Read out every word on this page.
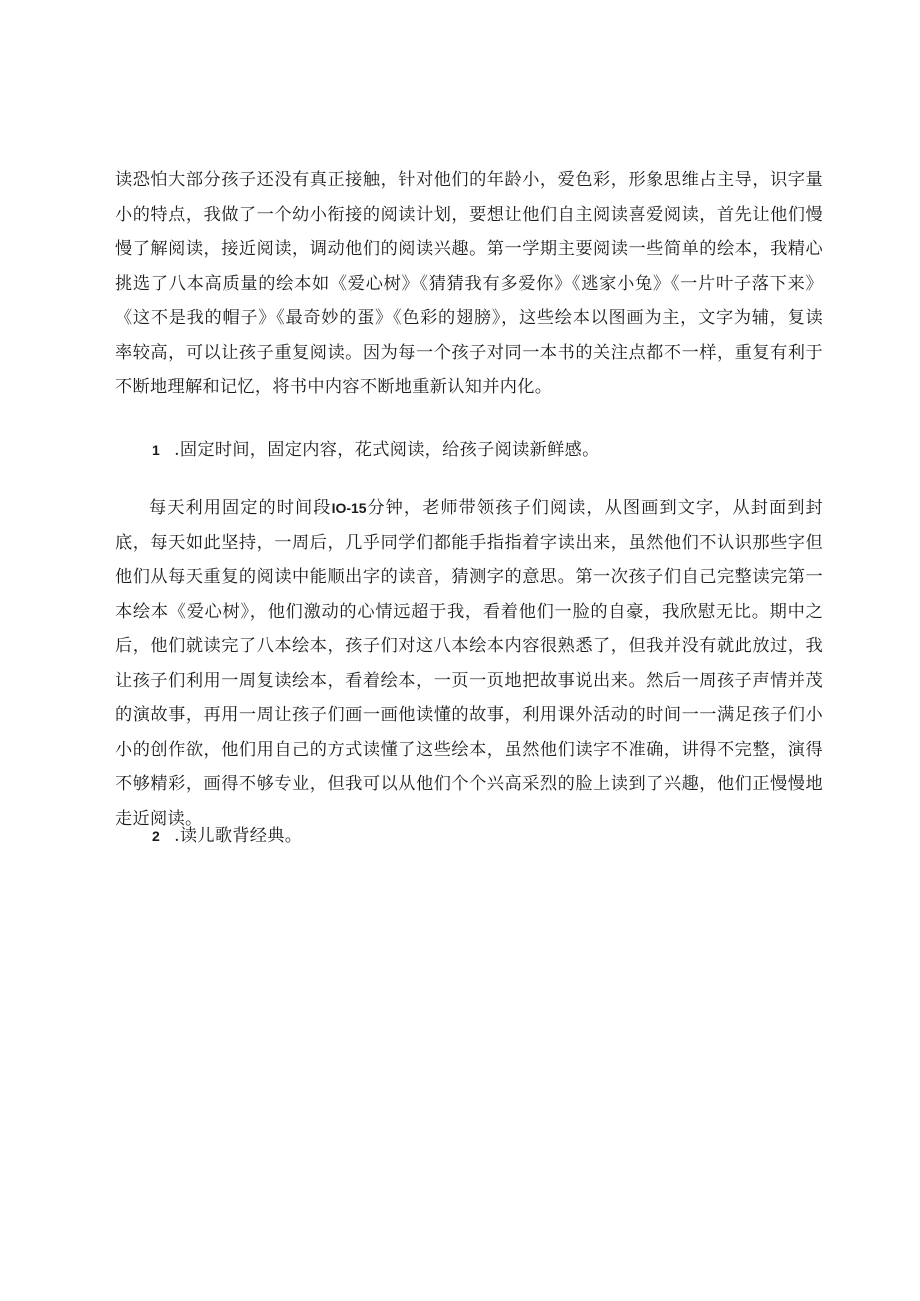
读恐怕大部分孩子还没有真正接触，针对他们的年龄小，爱色彩，形象思维占主导，识字量小的特点，我做了一个幼小衔接的阅读计划，要想让他们自主阅读喜爱阅读，首先让他们慢慢了解阅读，接近阅读，调动他们的阅读兴趣。第一学期主要阅读一些简单的绘本，我精心挑选了八本高质量的绘本如《爱心树》《猜猜我有多爱你》《逃家小兔》《一片叶子落下来》《这不是我的帽子》《最奇妙的蛋》《色彩的翅膀》，这些绘本以图画为主，文字为辅，复读率较高，可以让孩子重复阅读。因为每一个孩子对同一本书的关注点都不一样，重复有利于不断地理解和记忆，将书中内容不断地重新认知并内化。

1 .固定时间，固定内容，花式阅读，给孩子阅读新鲜感。

每天利用固定的时间段IO-15分钟，老师带领孩子们阅读，从图画到文字，从封面到封底，每天如此坚持，一周后，几乎同学们都能手指指着字读出来，虽然他们不认识那些字但他们从每天重复的阅读中能顺出字的读音，猜测字的意思。第一次孩子们自己完整读完第一本绘本《爱心树》，他们激动的心情远超于我，看着他们一脸的自豪，我欣慰无比。期中之后，他们就读完了八本绘本，孩子们对这八本绘本内容很熟悉了，但我并没有就此放过，我让孩子们利用一周复读绘本，看着绘本，一页一页地把故事说出来。然后一周孩子声情并茂的演故事，再用一周让孩子们画一画他读懂的故事，利用课外活动的时间一一满足孩子们小小的创作欲，他们用自己的方式读懂了这些绘本，虽然他们读字不准确，讲得不完整，演得不够精彩，画得不够专业，但我可以从他们个个兴高采烈的脸上读到了兴趣，他们正慢慢地走近阅读。

2 .读儿歌背经典。
